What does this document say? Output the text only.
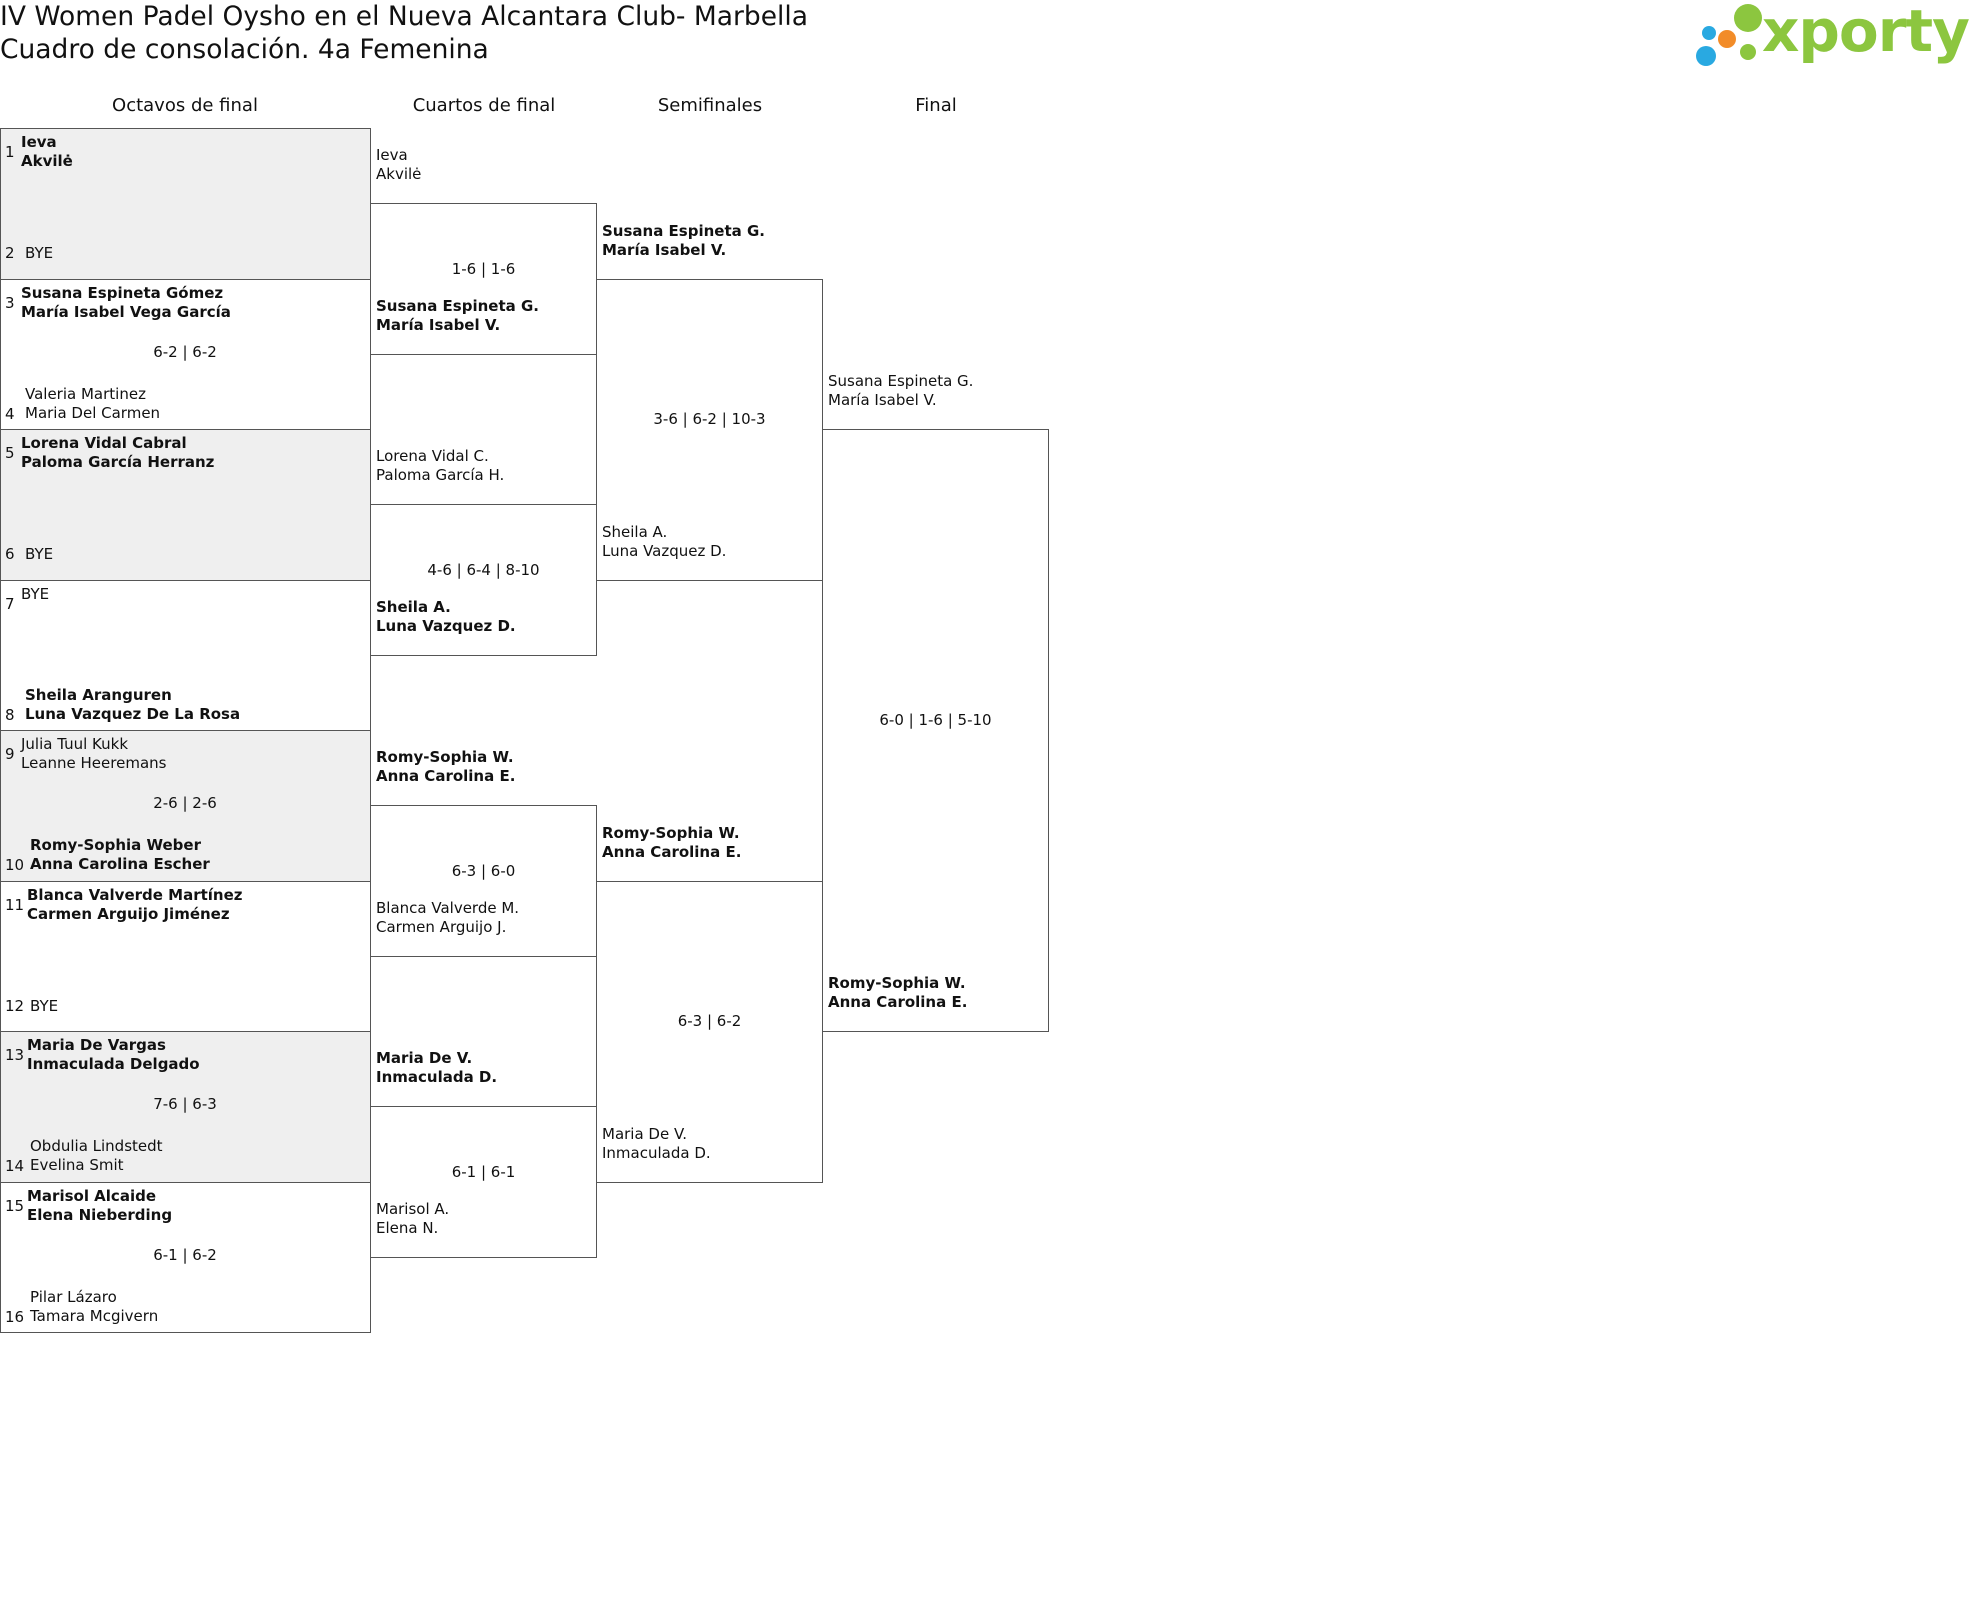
IV Women Padel Oysho en el Nueva Alcantara Club- Marbella
Cuadro de consolación. 4a Femenina	xporty
Octavos de final	Cuartos de final	Semifinales	Final
1
Ieva
Akvilė
BYE
2
3
Susana Espineta Gómez
María Isabel Vega García
Valeria Martinez
Maria Del Carmen
4
6-2 | 6-2
5
Lorena Vidal Cabral
Paloma García Herranz
BYE
6
7
BYE
Sheila Aranguren
Luna Vazquez De La Rosa
8
9
Julia Tuul Kukk
Leanne Heeremans
Romy-Sophia Weber
Anna Carolina Escher
10
2-6 | 2-6
11
Blanca Valverde Martínez
Carmen Arguijo Jiménez
BYE
12
13
Maria De Vargas
Inmaculada Delgado
Obdulia Lindstedt
Evelina Smit
14
7-6 | 6-3
15
Marisol Alcaide
Elena Nieberding
Pilar Lázaro
Tamara Mcgivern
16
6-1 | 6-2
Ieva
Akvilė
Susana Espineta G.
María Isabel V.
1-6 | 1-6
Lorena Vidal C.
Paloma García H.
Sheila A.
Luna Vazquez D.
4-6 | 6-4 | 8-10
Romy-Sophia W.
Anna Carolina E.
Blanca Valverde M.
Carmen Arguijo J.
6-3 | 6-0
Maria De V.
Inmaculada D.
Marisol A.
Elena N.
6-1 | 6-1
Susana Espineta G.
María Isabel V.
Sheila A.
Luna Vazquez D.
3-6 | 6-2 | 10-3
Romy-Sophia W.
Anna Carolina E.
Maria De V.
Inmaculada D.
6-3 | 6-2
Susana Espineta G.
María Isabel V.
Romy-Sophia W.
Anna Carolina E.
6-0 | 1-6 | 5-10
